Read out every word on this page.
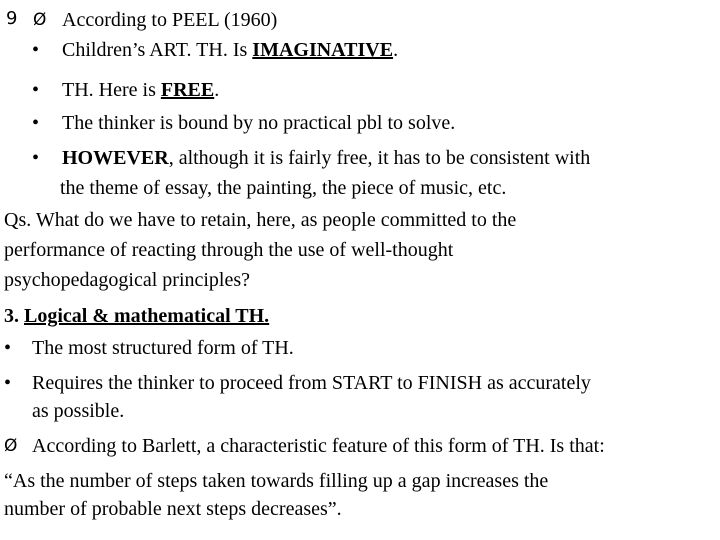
9 Ø According to PEEL (1960)
• Children’s ART. TH. Is IMAGINATIVE.
• TH. Here is FREE.
• The thinker is bound by no practical pbl to solve.
• HOWEVER, although it is fairly free, it has to be consistent with
the theme of essay, the painting, the piece of music, etc.
Qs. What do we have to retain, here, as people committed to the
performance of reacting through the use of well-thought
psychopedagogical principles?
3. Logical & mathematical TH.
• The most structured form of TH.
• Requires the thinker to proceed from START to FINISH as accurately
as possible.
Ø According to Barlett, a characteristic feature of this form of TH. Is that:
“As the number of steps taken towards filling up a gap increases the
number of probable next steps decreases”.
